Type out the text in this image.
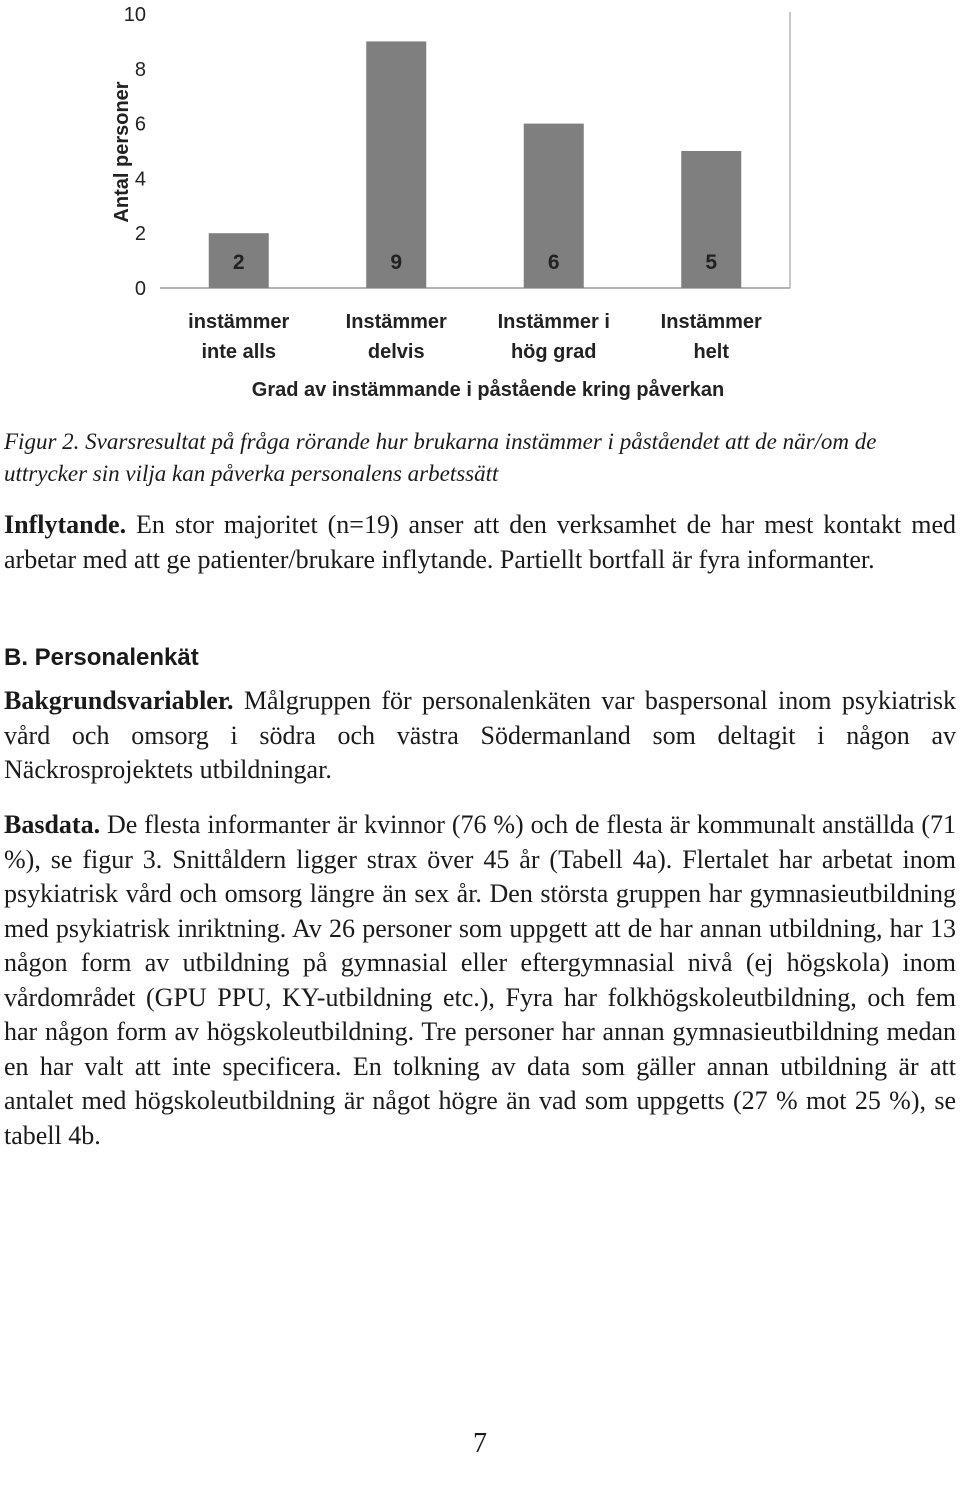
0
2
4
6
8
10
2	9	6	5
instämmer
inte alls
Instämmer
delvis
Instämmer i
hög grad
Instämmer
helt
Antal personer
Grad av instämmande i påstående kring påverkan

Figur 2. Svarsresultat på fråga rörande hur brukarna instämmer i påståendet att de när/om de uttrycker sin vilja kan påverka personalens arbetssätt

Inflytande. En stor majoritet (n=19) anser att den verksamhet de har mest kontakt med arbetar med att ge patienter/brukare inflytande. Partiellt bortfall är fyra informanter.

B. Personalenkät

Bakgrundsvariabler. Målgruppen för personalenkäten var baspersonal inom psykiatrisk vård och omsorg i södra och västra Södermanland som deltagit i någon av Näckrosprojektets utbildningar.

Basdata. De flesta informanter är kvinnor (76 %) och de flesta är kommunalt anställda (71 %), se figur 3. Snittåldern ligger strax över 45 år (Tabell 4a). Flertalet har arbetat inom psykiatrisk vård och omsorg längre än sex år. Den största gruppen har gymnasieutbildning med psykiatrisk inriktning. Av 26 personer som uppgett att de har annan utbildning, har 13 någon form av utbildning på gymnasial eller eftergymnasial nivå (ej högskola) inom vårdområdet (GPU PPU, KY-utbildning etc.), Fyra har folkhögskoleutbildning, och fem har någon form av högskoleutbildning. Tre personer har annan gymnasieutbildning medan en har valt att inte specificera. En tolkning av data som gäller annan utbildning är att antalet med högskoleutbildning är något högre än vad som uppgetts (27 % mot 25 %), se tabell 4b.

7
